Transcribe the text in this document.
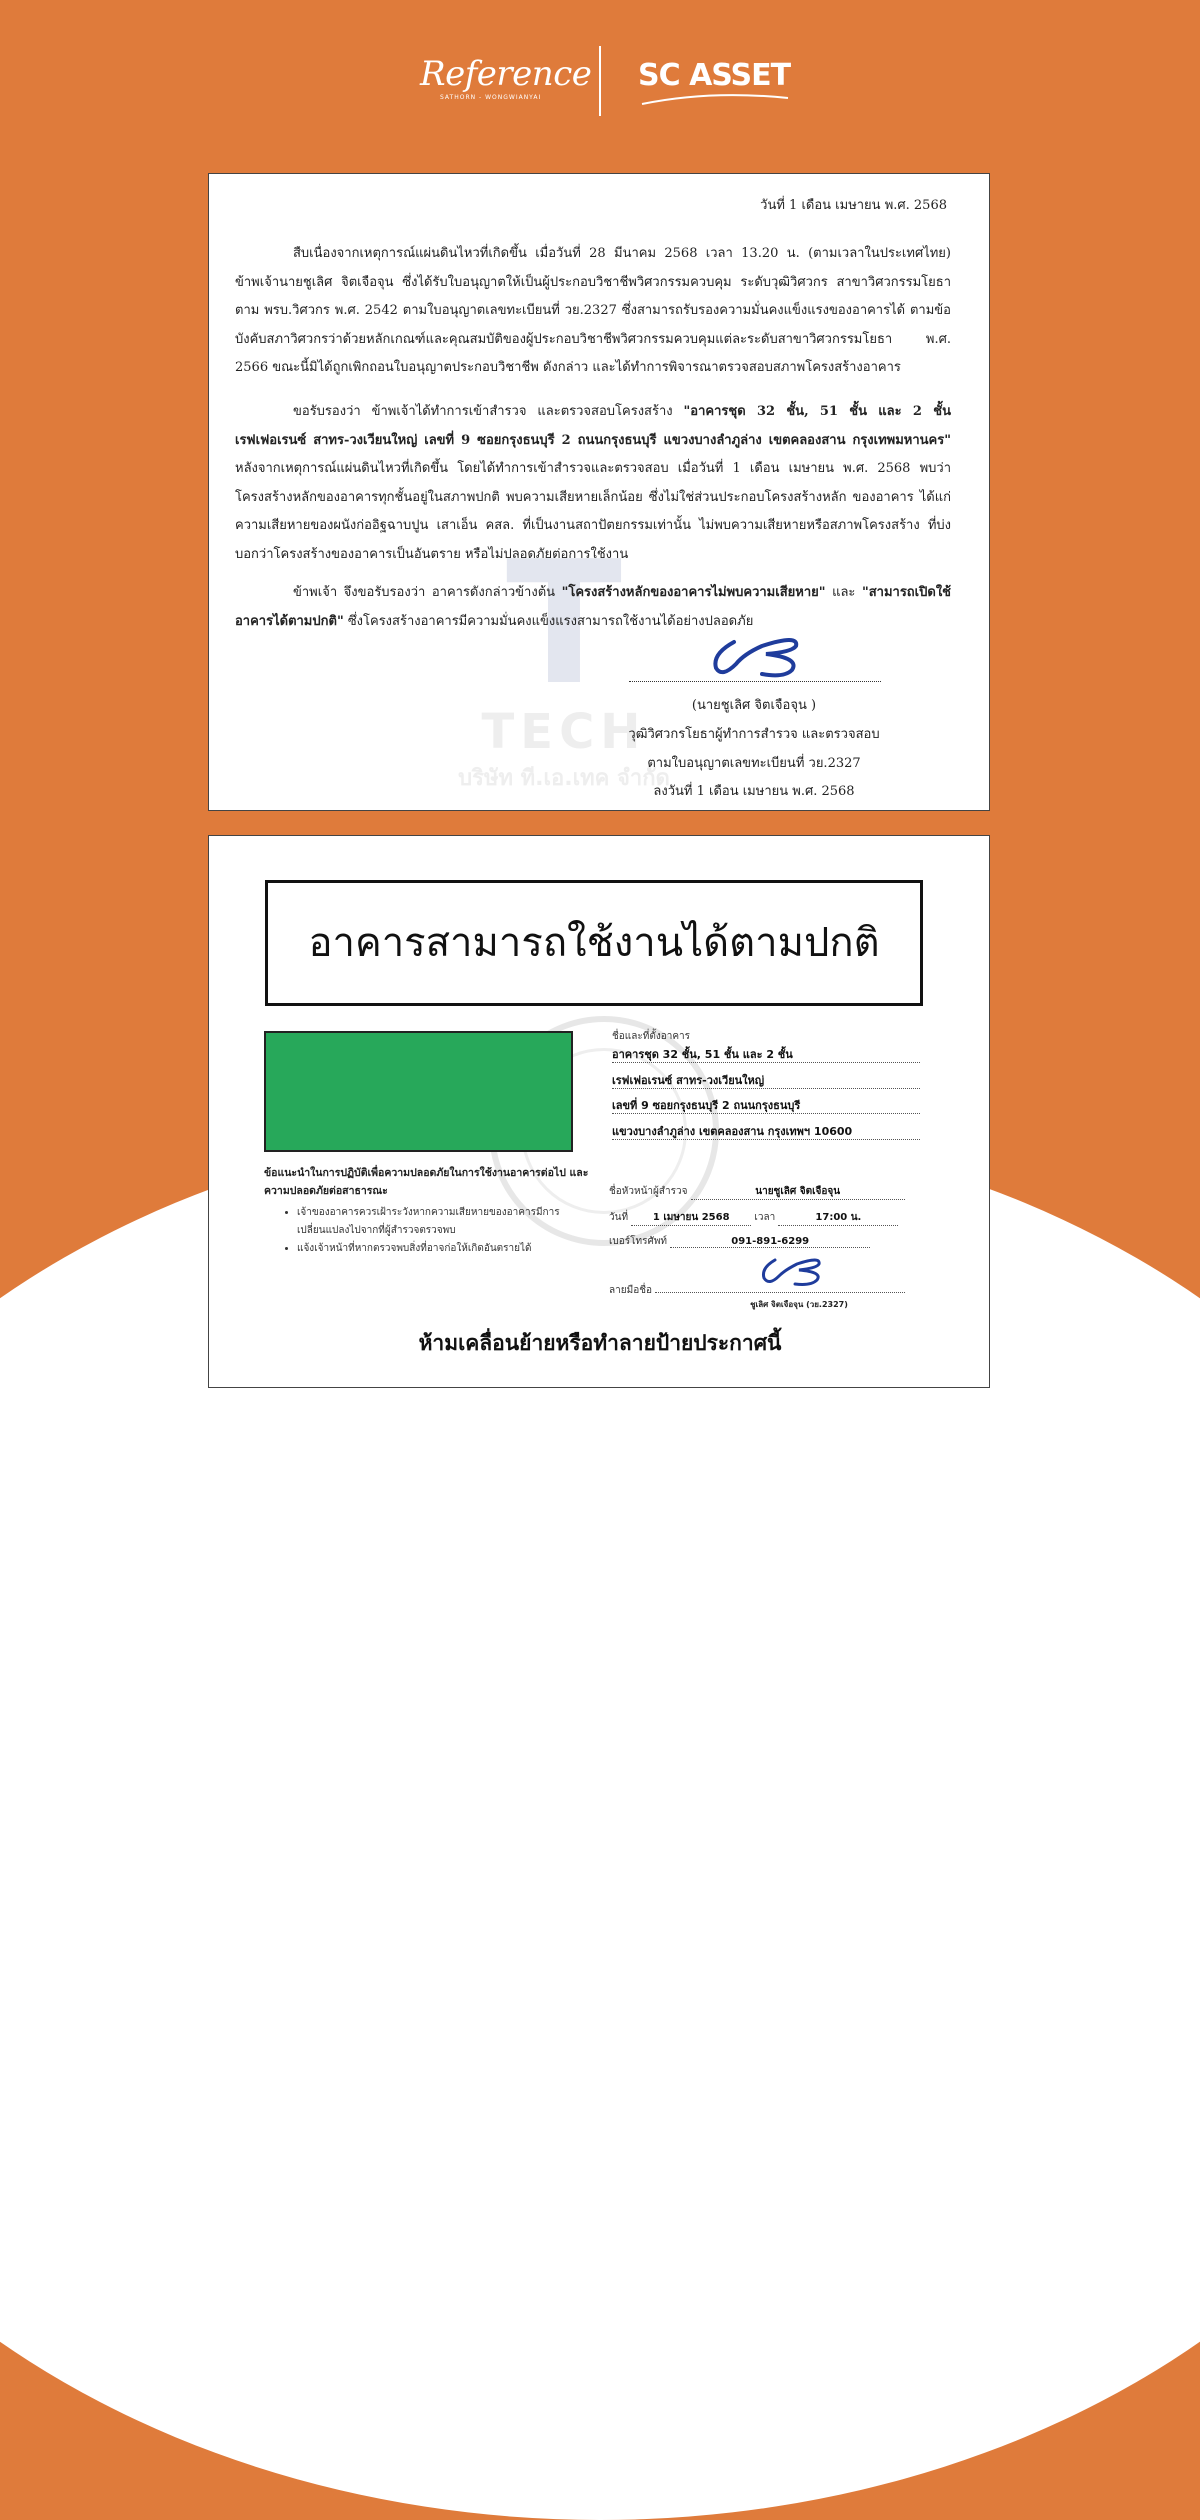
Reference
SATHORN - WONGWIANYAI
SC ASSET
T
TECH
บริษัท ที.เอ.เทค จำกัด
วันที่ 1 เดือน เมษายน พ.ศ. 2568
สืบเนื่องจากเหตุการณ์แผ่นดินไหวที่เกิดขึ้น เมื่อวันที่ 28 มีนาคม 2568 เวลา 13.20 น. (ตามเวลาในประเทศไทย) ข้าพเจ้านายชูเลิศ จิตเจือจุน ซึ่งได้รับใบอนุญาตให้เป็นผู้ประกอบวิชาชีพวิศวกรรมควบคุม ระดับวุฒิวิศวกร สาขาวิศวกรรมโยธา ตาม พรบ.วิศวกร พ.ศ. 2542 ตามใบอนุญาตเลขทะเบียนที่ วย.2327 ซึ่งสามารถรับรองความมั่นคงแข็งแรงของอาคารได้ ตามข้อบังคับสภาวิศวกรว่าด้วยหลักเกณฑ์และคุณสมบัติของผู้ประกอบวิชาชีพวิศวกรรมควบคุมแต่ละระดับสาขาวิศวกรรมโยธา พ.ศ. 2566 ขณะนี้มิได้ถูกเพิกถอนใบอนุญาตประกอบวิชาชีพ ดังกล่าว และได้ทำการพิจารณาตรวจสอบสภาพโครงสร้างอาคาร
ขอรับรองว่า ข้าพเจ้าได้ทำการเข้าสำรวจ และตรวจสอบโครงสร้าง "อาคารชุด 32 ชั้น, 51 ชั้น และ 2 ชั้น เรฟเฟอเรนซ์ สาทร-วงเวียนใหญ่ เลขที่ 9 ซอยกรุงธนบุรี 2 ถนนกรุงธนบุรี แขวงบางลำภูล่าง เขตคลองสาน กรุงเทพมหานคร" หลังจากเหตุการณ์แผ่นดินไหวที่เกิดขึ้น โดยได้ทำการเข้าสำรวจและตรวจสอบ เมื่อวันที่ 1 เดือน เมษายน พ.ศ. 2568 พบว่า โครงสร้างหลักของอาคารทุกชั้นอยู่ในสภาพปกติ พบความเสียหายเล็กน้อย ซึ่งไม่ใช่ส่วนประกอบโครงสร้างหลัก ของอาคาร ได้แก่ ความเสียหายของผนังก่ออิฐฉาบปูน เสาเอ็น คสล. ที่เป็นงานสถาปัตยกรรมเท่านั้น ไม่พบความเสียหายหรือสภาพโครงสร้าง ที่บ่งบอกว่าโครงสร้างของอาคารเป็นอันตราย หรือไม่ปลอดภัยต่อการใช้งาน
ข้าพเจ้า จึงขอรับรองว่า อาคารดังกล่าวข้างต้น "โครงสร้างหลักของอาคารไม่พบความเสียหาย" และ "สามารถเปิดใช้อาคารได้ตามปกติ" ซึ่งโครงสร้างอาคารมีความมั่นคงแข็งแรงสามารถใช้งานได้อย่างปลอดภัย
(นายชูเลิศ จิตเจือจุน )
วุฒิวิศวกรโยธาผู้ทำการสำรวจ และตรวจสอบ
ตามใบอนุญาตเลขทะเบียนที่ วย.2327
ลงวันที่ 1 เดือน เมษายน พ.ศ. 2568
อาคารสามารถใช้งานได้ตามปกติ
ชื่อและที่ตั้งอาคาร
อาคารชุด 32 ชั้น, 51 ชั้น และ 2 ชั้น
เรฟเฟอเรนซ์ สาทร-วงเวียนใหญ่
เลขที่ 9 ซอยกรุงธนบุรี 2 ถนนกรุงธนบุรี
แขวงบางลำภูล่าง เขตคลองสาน กรุงเทพฯ 10600
ข้อแนะนำในการปฏิบัติเพื่อความปลอดภัยในการใช้งานอาคารต่อไป และความปลอดภัยต่อสาธารณะ
• เจ้าของอาคารควรเฝ้าระวังหากความเสียหายของอาคารมีการเปลี่ยนแปลงไปจากที่ผู้สำรวจตรวจพบ
• แจ้งเจ้าหน้าที่หากตรวจพบสิ่งที่อาจก่อให้เกิดอันตรายได้
ชื่อหัวหน้าผู้สำรวจ	นายชูเลิศ จิตเจือจุน
วันที่ 1 เมษายน 2568 เวลา	17:00 น.
เบอร์โทรศัพท์	091-891-6299
ลายมือชื่อ
ชูเลิศ จิตเจือจุน (วย.2327)
ห้ามเคลื่อนย้ายหรือทำลายป้ายประกาศนี้
